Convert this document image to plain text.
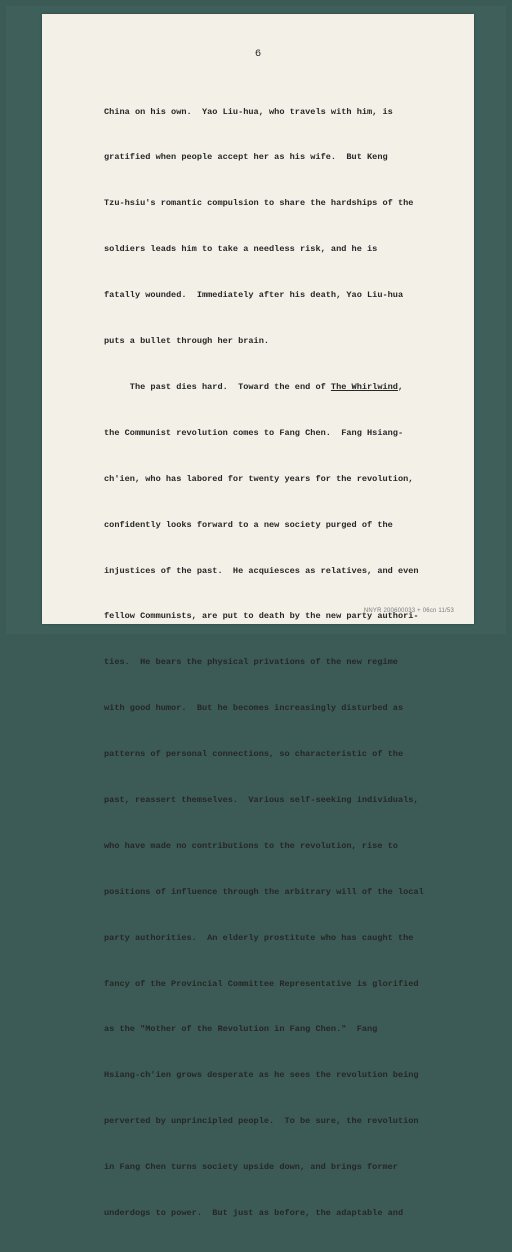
6

China on his own.  Yao Liu-hua, who travels with him, is

gratified when people accept her as his wife.  But Keng

Tzu-hsiu's romantic compulsion to share the hardships of the

soldiers leads him to take a needless risk, and he is

fatally wounded.  Immediately after his death, Yao Liu-hua

puts a bullet through her brain.

The past dies hard.  Toward the end of The Whirlwind,

the Communist revolution comes to Fang Chen.  Fang Hsiang-

ch'ien, who has labored for twenty years for the revolution,

confidently looks forward to a new society purged of the

injustices of the past.  He acquiesces as relatives, and even

fellow Communists, are put to death by the new party authori-

ties.  He bears the physical privations of the new regime

with good humor.  But he becomes increasingly disturbed as

patterns of personal connections, so characteristic of the

past, reassert themselves.  Various self-seeking individuals,

who have made no contributions to the revolution, rise to

positions of influence through the arbitrary will of the local

party authorities.  An elderly prostitute who has caught the

fancy of the Provincial Committee Representative is glorified

as the "Mother of the Revolution in Fang Chen."  Fang

Hsiang-ch'ien grows desperate as he sees the revolution being

perverted by unprincipled people.  To be sure, the revolution

in Fang Chen turns society upside down, and brings former

underdogs to power.  But just as before, the adaptable and

NNYR 200600033 + 06cn 11/53
